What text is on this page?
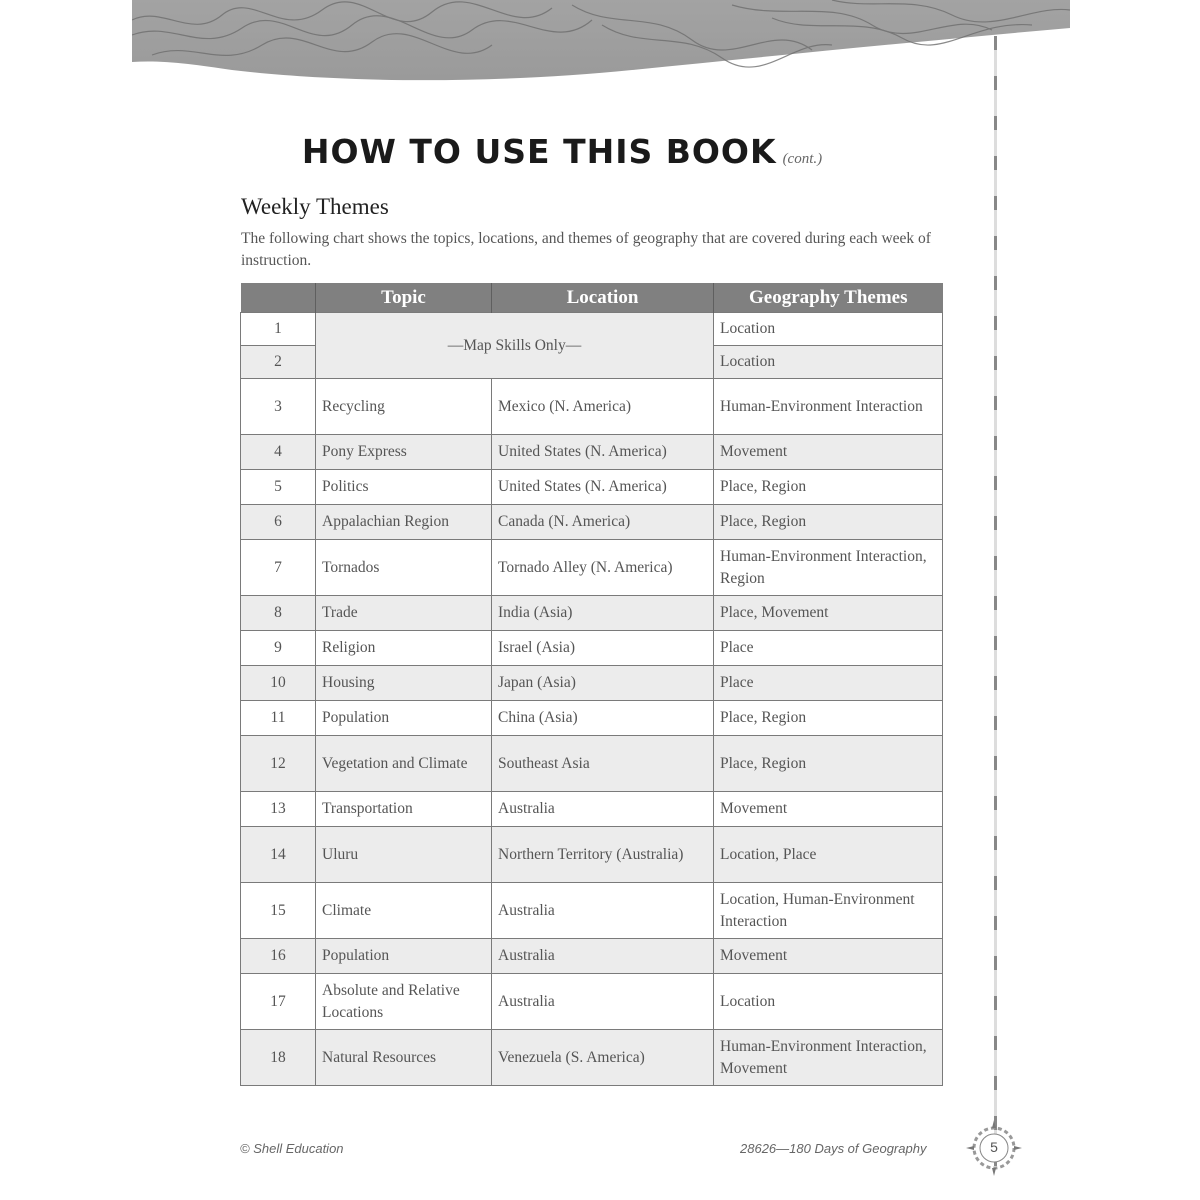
HOW TO USE THIS BOOK (cont.)
Weekly Themes
The following chart shows the topics, locations, and themes of geography that are covered during each week of instruction.
	Topic	Location	Geography Themes
1	—Map Skills Only—		Location
2			Location
3	Recycling	Mexico (N. America)	Human-Environment Interaction
4	Pony Express	United States (N. America)	Movement
5	Politics	United States (N. America)	Place, Region
6	Appalachian Region	Canada (N. America)	Place, Region
7	Tornados	Tornado Alley (N. America)	Human-Environment Interaction, Region
8	Trade	India (Asia)	Place, Movement
9	Religion	Israel (Asia)	Place
10	Housing	Japan (Asia)	Place
11	Population	China (Asia)	Place, Region
12	Vegetation and Climate	Southeast Asia	Place, Region
13	Transportation	Australia	Movement
14	Uluru	Northern Territory (Australia)	Location, Place
15	Climate	Australia	Location, Human-Environment Interaction
16	Population	Australia	Movement
17	Absolute and Relative Locations	Australia	Location
18	Natural Resources	Venezuela (S. America)	Human-Environment Interaction, Movement
© Shell Education	28626—180 Days of Geography	5
